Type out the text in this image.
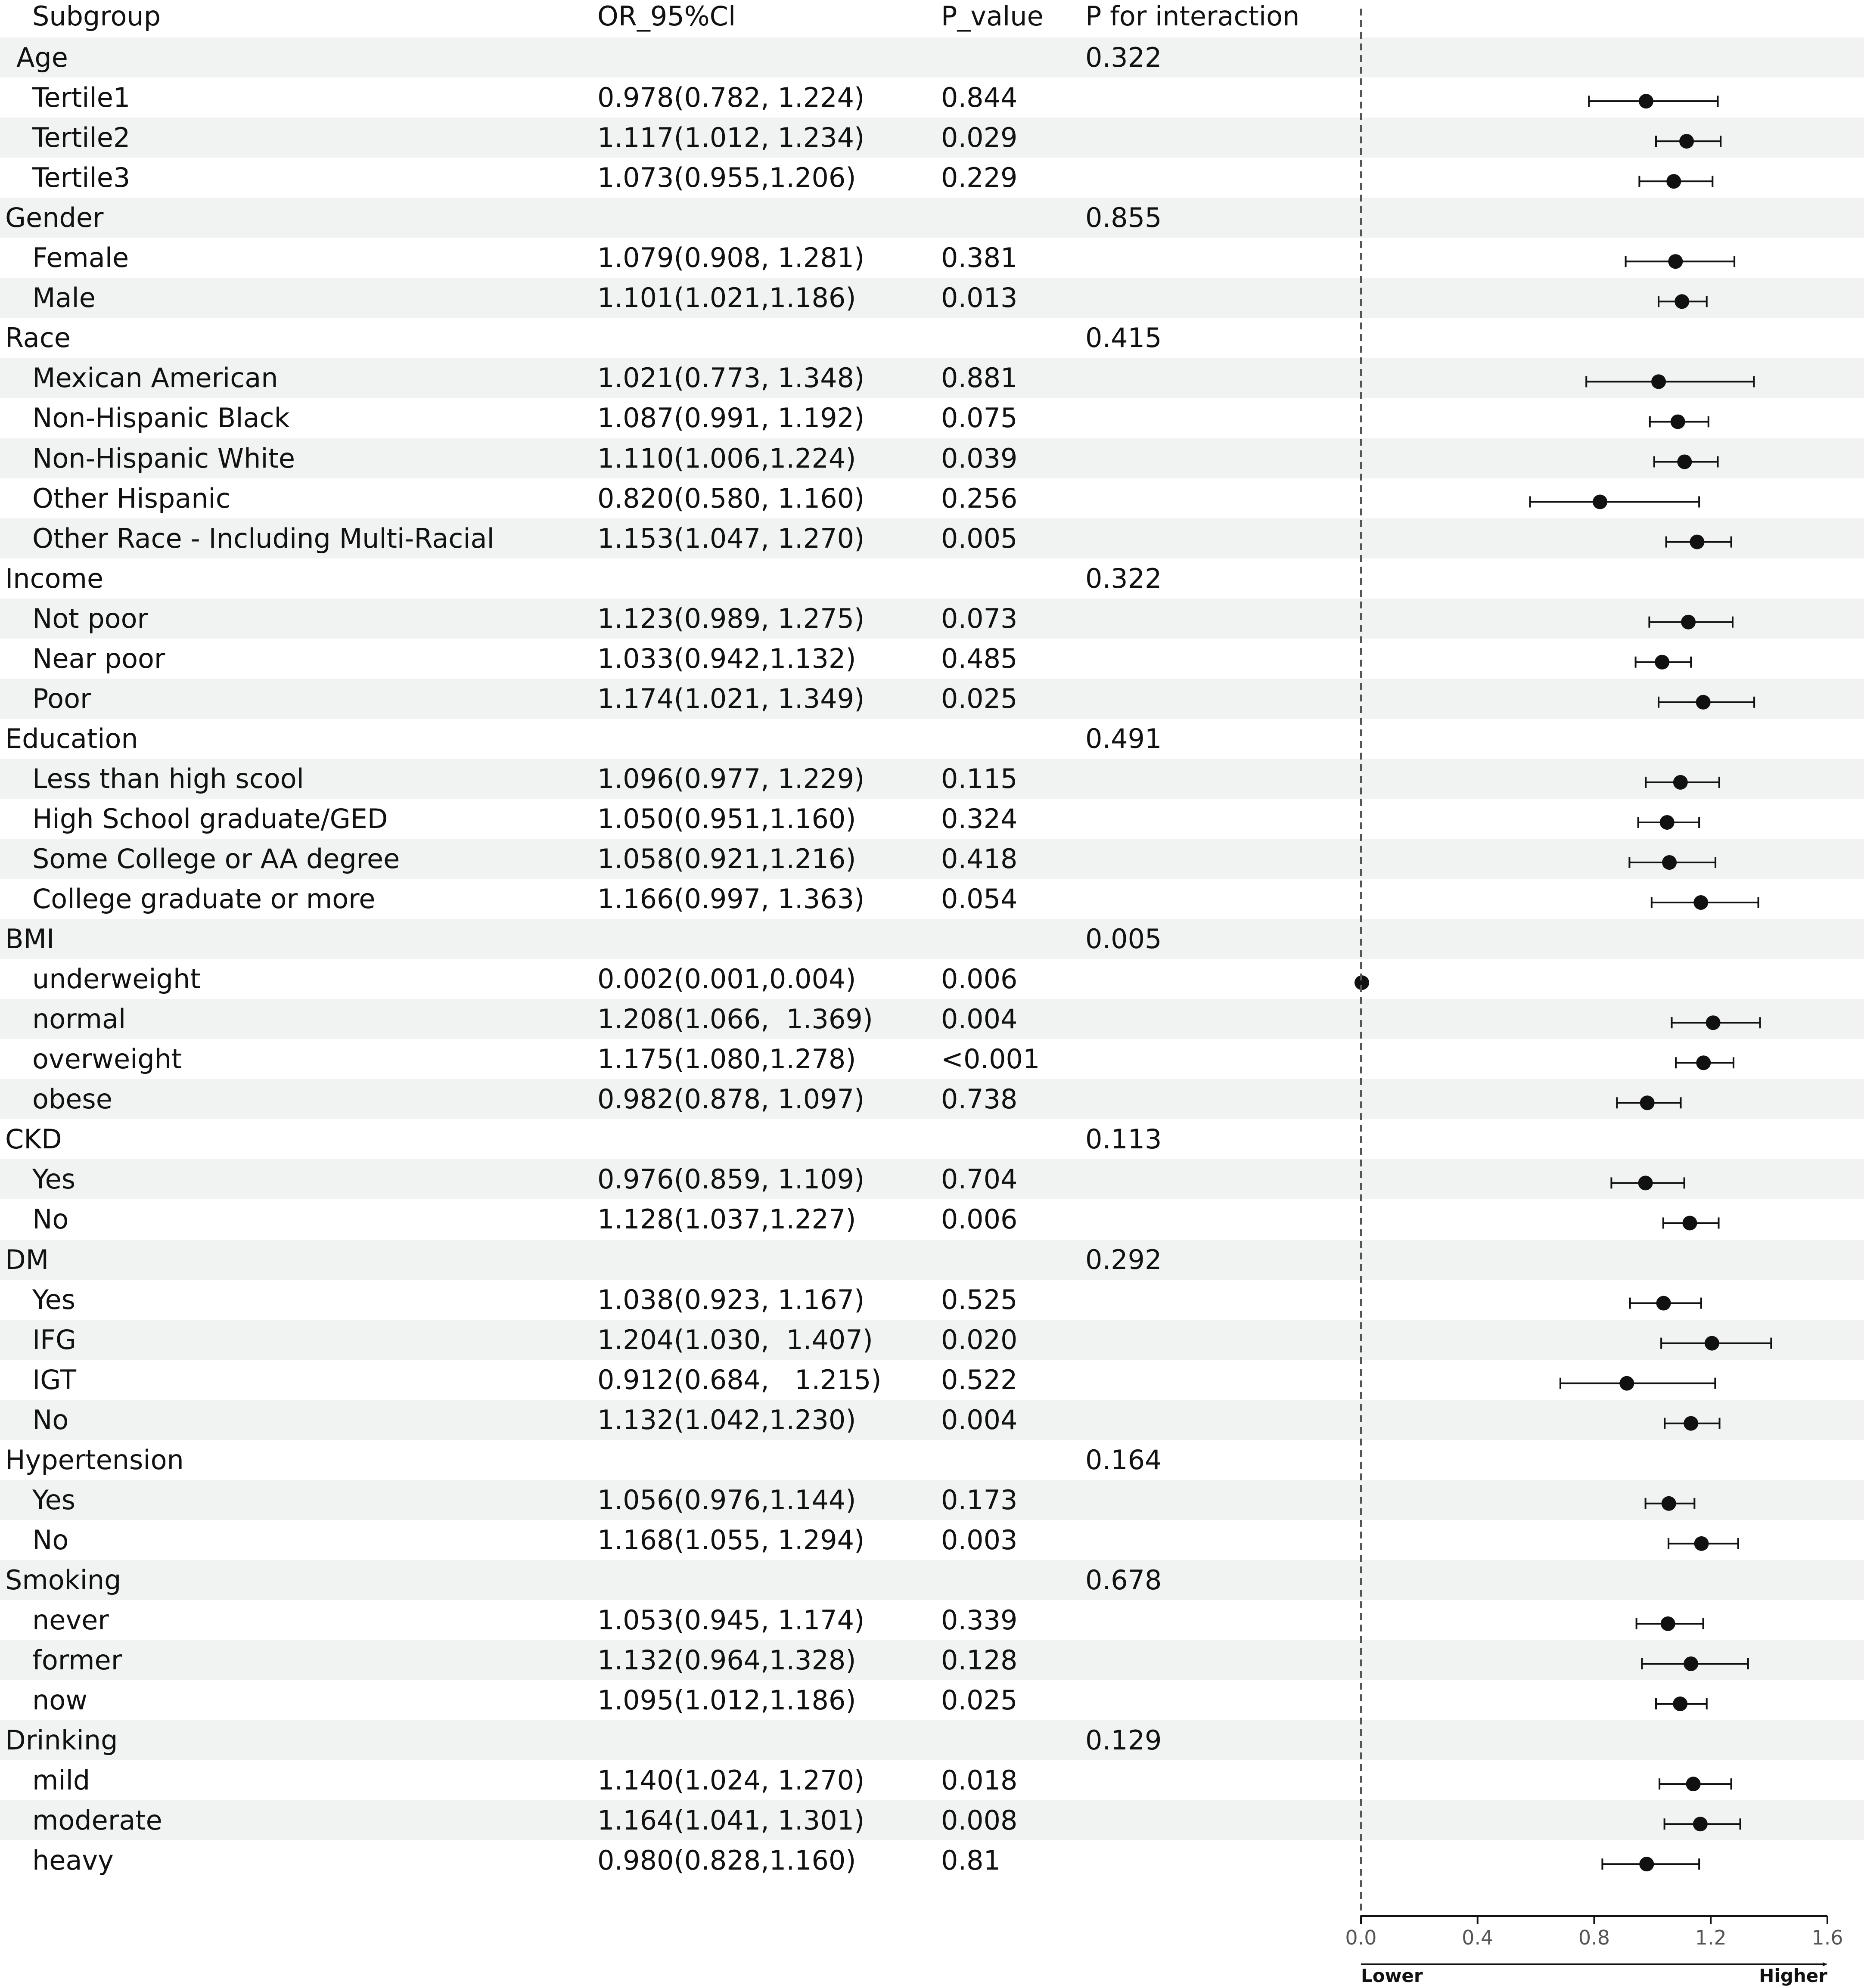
Subgroup	OR_95%Cl	P_value P for interaction
Age	0.322
Tertile1	0.978(0.782, 1.224)	0.844
Tertile2	1.117(1.012, 1.234)	0.029
Tertile3	1.073(0.955,1.206)	0.229
Gender	0.855
Female	1.079(0.908, 1.281)	0.381
Male	1.101(1.021,1.186)	0.013
Race	0.415
Mexican American	1.021(0.773, 1.348)	0.881
Non-Hispanic Black	1.087(0.991, 1.192)	0.075
Non-Hispanic White	1.110(1.006,1.224)	0.039
Other Hispanic	0.820(0.580, 1.160)	0.256
Other Race - Including Multi-Racial	1.153(1.047, 1.270)	0.005
Income	0.322
Not poor	1.123(0.989, 1.275)	0.073
Near poor	1.033(0.942,1.132)	0.485
Poor	1.174(1.021, 1.349)	0.025
Education	0.491
Less than high scool	1.096(0.977, 1.229)	0.115
High School graduate/GED	1.050(0.951,1.160)	0.324
Some College or AA degree	1.058(0.921,1.216)	0.418
College graduate or more	1.166(0.997, 1.363)	0.054
BMI	0.005
underweight	0.002(0.001,0.004)	0.006
normal	1.208(1.066,  1.369)	0.004
overweight	1.175(1.080,1.278)	<0.001
obese	0.982(0.878, 1.097)	0.738
CKD	0.113
Yes	0.976(0.859, 1.109)	0.704
No	1.128(1.037,1.227)	0.006
DM	0.292
Yes	1.038(0.923, 1.167)	0.525
IFG	1.204(1.030,  1.407)	0.020
IGT	0.912(0.684,   1.215) 0.522
No	1.132(1.042,1.230)	0.004
Hypertension	0.164
Yes	1.056(0.976,1.144)	0.173
No	1.168(1.055, 1.294)	0.003
Smoking	0.678
never	1.053(0.945, 1.174)	0.339
former	1.132(0.964,1.328)	0.128
now	1.095(1.012,1.186)	0.025
Drinking	0.129
mild	1.140(1.024, 1.270)	0.018
moderate	1.164(1.041, 1.301)	0.008
heavy	0.980(0.828,1.160)	0.81
0.0	0.4	0.8	1.2	1.6
Lower	Higher
